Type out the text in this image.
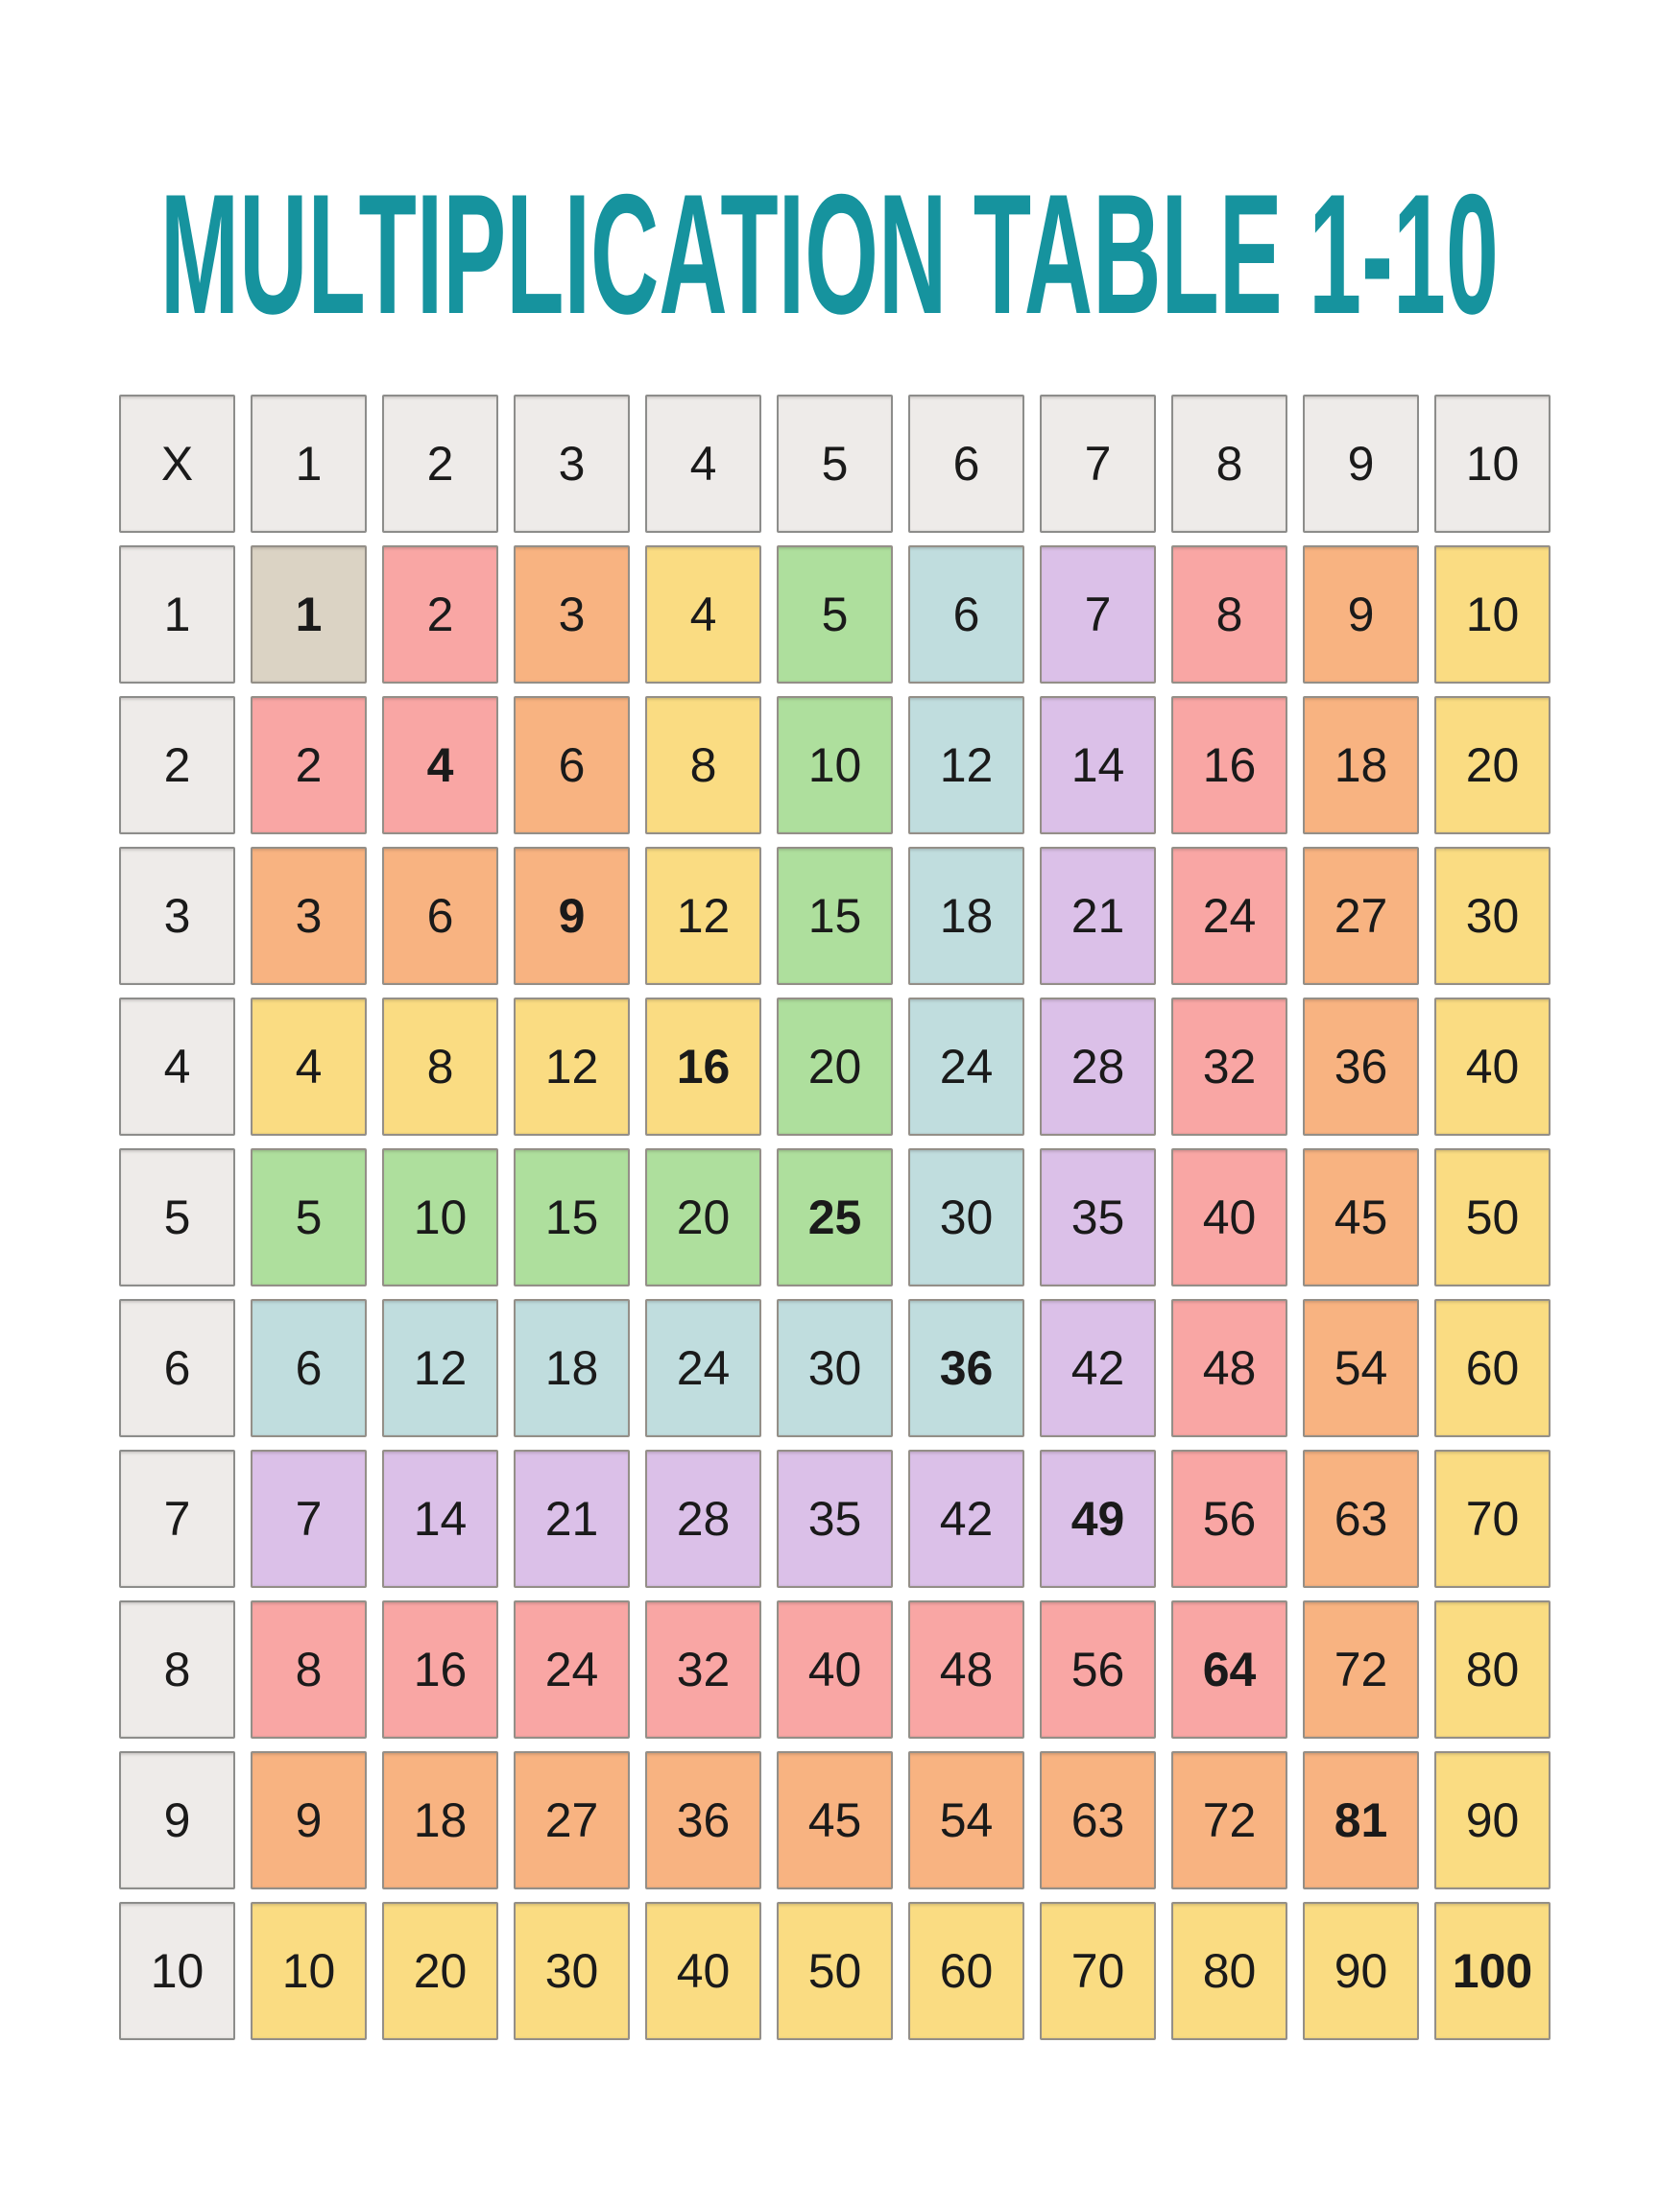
MULTIPLICATION TABLE 1-10
X	1	2	3	4	5	6	7	8	9	10
1	1	2	3	4	5	6	7	8	9	10
2	2	4	6	8	10	12	14	16	18	20
3	3	6	9	12	15	18	21	24	27	30
4	4	8	12	16	20	24	28	32	36	40
5	5	10	15	20	25	30	35	40	45	50
6	6	12	18	24	30	36	42	48	54	60
7	7	14	21	28	35	42	49	56	63	70
8	8	16	24	32	40	48	56	64	72	80
9	9	18	27	36	45	54	63	72	81	90
10	10	20	30	40	50	60	70	80	90	100
